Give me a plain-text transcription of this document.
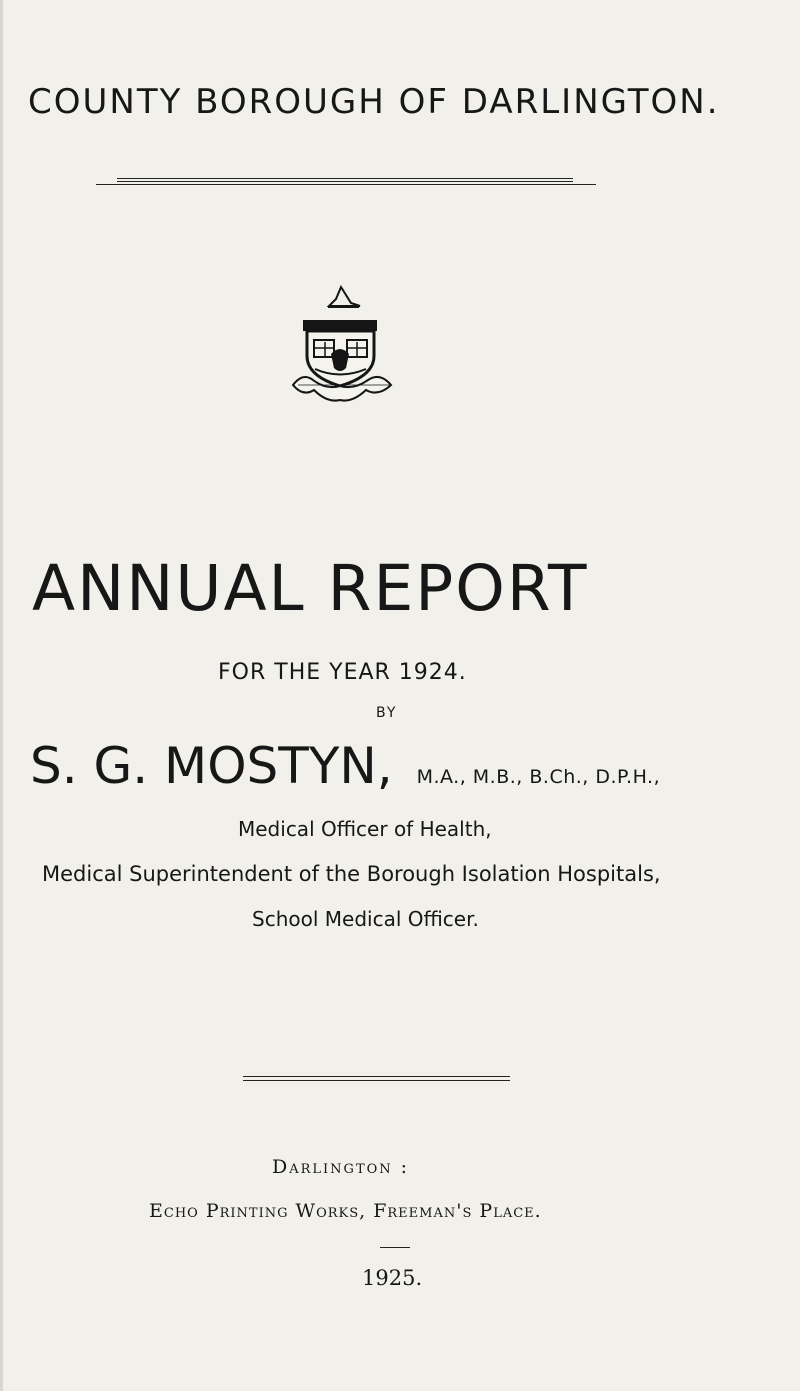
COUNTY BOROUGH OF DARLINGTON.
ANNUAL REPORT
FOR THE YEAR 1924.
BY
S. G. MOSTYN, M.A., M.B., B.Ch., D.P.H.,
Medical Officer of Health,
Medical Superintendent of the Borough Isolation Hospitals,
School Medical Officer.
Darlington :
Echo Printing Works, Freeman's Place.
1925.
